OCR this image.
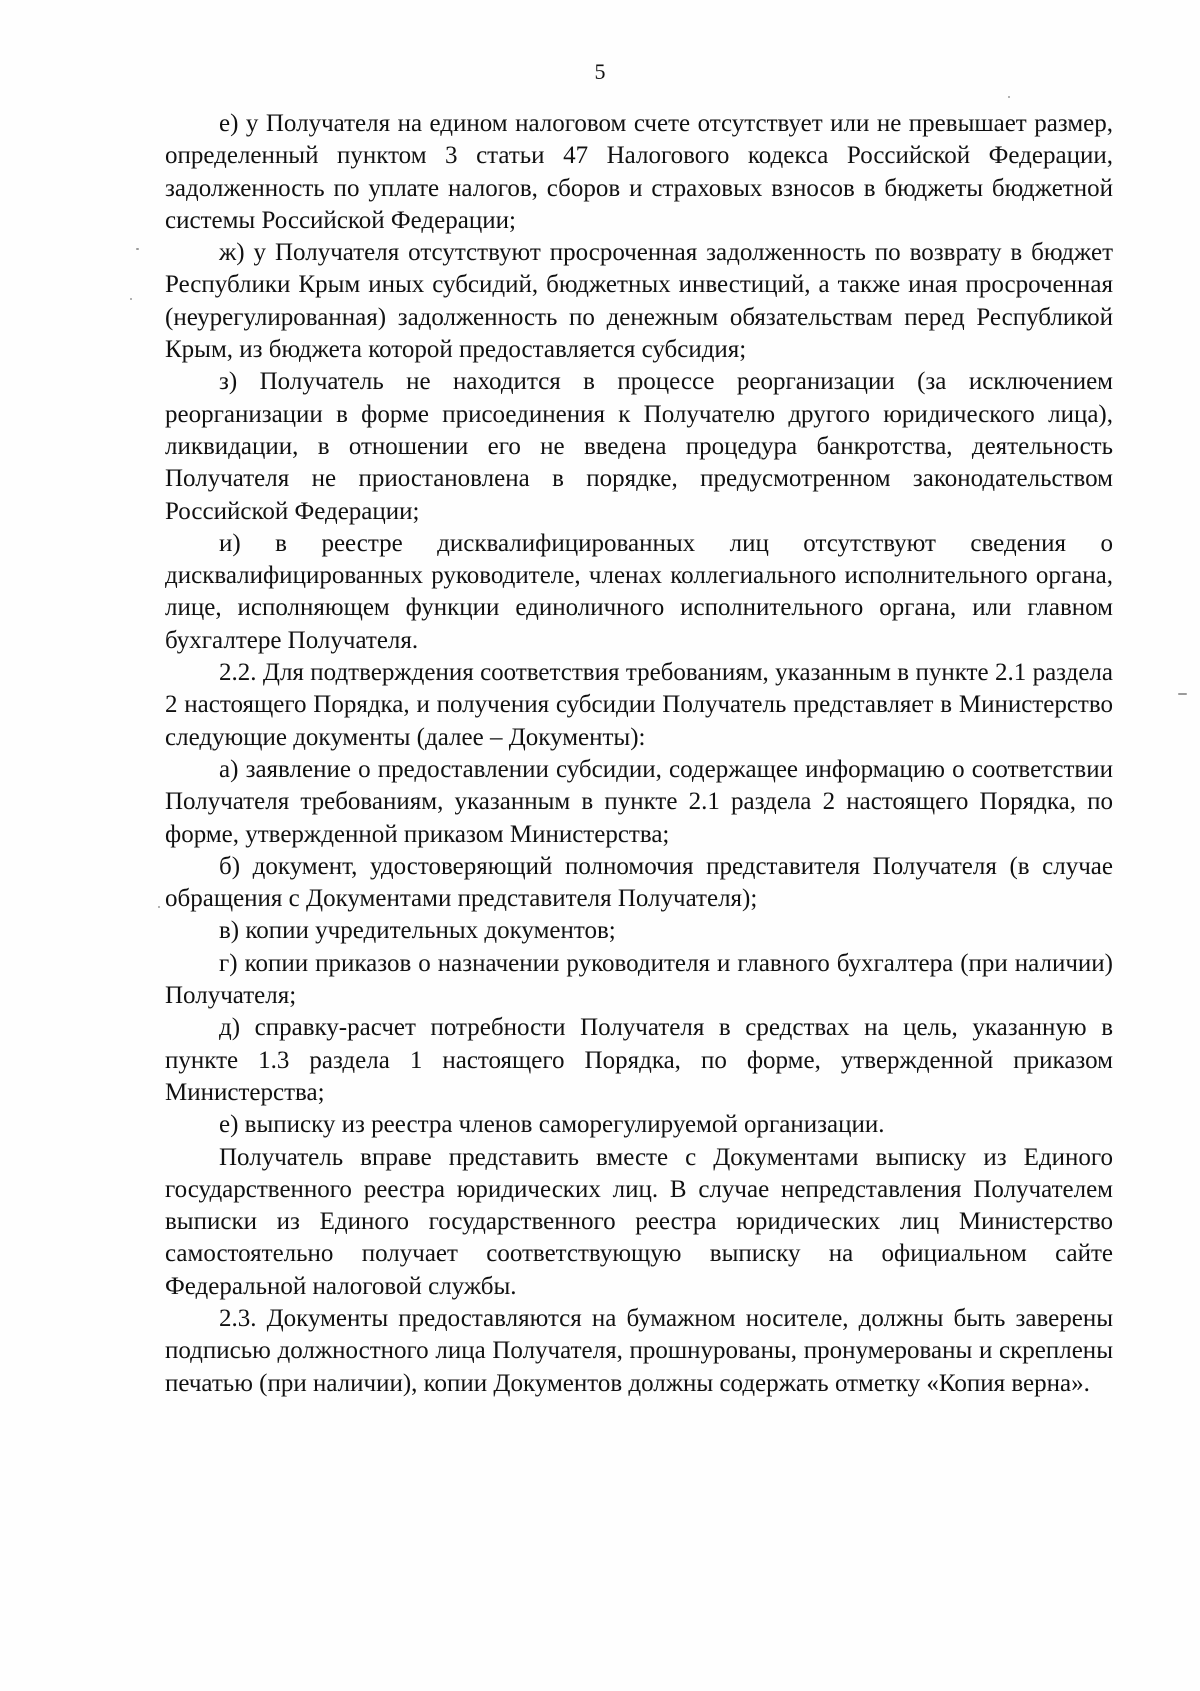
5

е) у Получателя на едином налоговом счете отсутствует или не превышает размер, определенный пунктом 3 статьи 47 Налогового кодекса Российской Федерации, задолженность по уплате налогов, сборов и страховых взносов в бюджеты бюджетной системы Российской Федерации;

ж) у Получателя отсутствуют просроченная задолженность по возврату в бюджет Республики Крым иных субсидий, бюджетных инвестиций, а также иная просроченная (неурегулированная) задолженность по денежным обязательствам перед Республикой Крым, из бюджета которой предоставляется субсидия;

з) Получатель не находится в процессе реорганизации (за исключением реорганизации в форме присоединения к Получателю другого юридического лица), ликвидации, в отношении его не введена процедура банкротства, деятельность Получателя не приостановлена в порядке, предусмотренном законодательством Российской Федерации;

и) в реестре дисквалифицированных лиц отсутствуют сведения о дисквалифицированных руководителе, членах коллегиального исполнительного органа, лице, исполняющем функции единоличного исполнительного органа, или главном бухгалтере Получателя.

2.2. Для подтверждения соответствия требованиям, указанным в пункте 2.1 раздела 2 настоящего Порядка, и получения субсидии Получатель представляет в Министерство следующие документы (далее – Документы):

а) заявление о предоставлении субсидии, содержащее информацию о соответствии Получателя требованиям, указанным в пункте 2.1 раздела 2 настоящего Порядка, по форме, утвержденной приказом Министерства;

б) документ, удостоверяющий полномочия представителя Получателя (в случае обращения с Документами представителя Получателя);

в) копии учредительных документов;

г) копии приказов о назначении руководителя и главного бухгалтера (при наличии) Получателя;

д) справку-расчет потребности Получателя в средствах на цель, указанную в пункте 1.3 раздела 1 настоящего Порядка, по форме, утвержденной приказом Министерства;

е) выписку из реестра членов саморегулируемой организации.

Получатель вправе представить вместе с Документами выписку из Единого государственного реестра юридических лиц. В случае непредставления Получателем выписки из Единого государственного реестра юридических лиц Министерство самостоятельно получает соответствующую выписку на официальном сайте Федеральной налоговой службы.

2.3. Документы предоставляются на бумажном носителе, должны быть заверены подписью должностного лица Получателя, прошнурованы, пронумерованы и скреплены печатью (при наличии), копии Документов должны содержать отметку «Копия верна».
